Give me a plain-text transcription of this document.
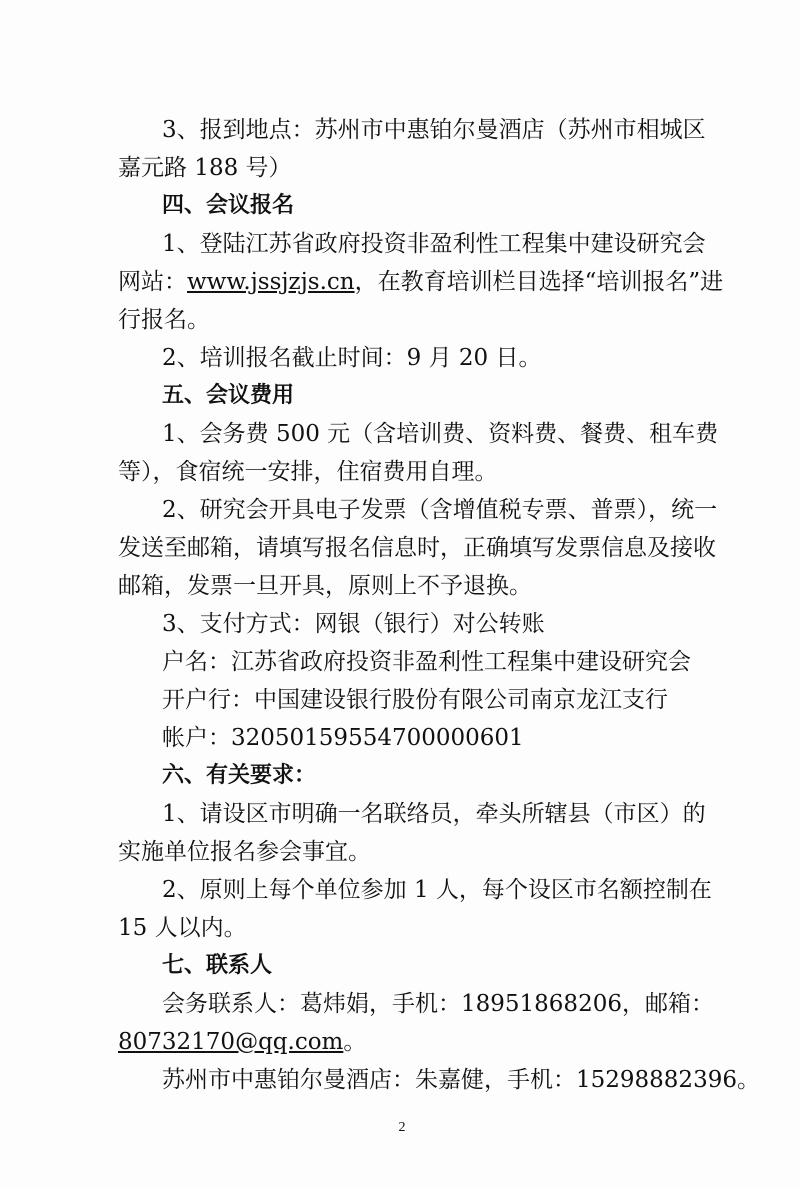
3、报到地点：苏州市中惠铂尔曼酒店（苏州市相城区
嘉元路 188 号）
四、会议报名
1、登陆江苏省政府投资非盈利性工程集中建设研究会
网站：www.jssjzjs.cn，在教育培训栏目选择“培训报名”进
行报名。
2、培训报名截止时间：9 月 20 日。
五、会议费用
1、会务费 500 元（含培训费、资料费、餐费、租车费
等），食宿统一安排，住宿费用自理。
2、研究会开具电子发票（含增值税专票、普票），统一
发送至邮箱，请填写报名信息时，正确填写发票信息及接收
邮箱，发票一旦开具，原则上不予退换。
3、支付方式：网银（银行）对公转账
户名：江苏省政府投资非盈利性工程集中建设研究会
开户行：中国建设银行股份有限公司南京龙江支行
帐户：32050159554700000601
六、有关要求：
1、请设区市明确一名联络员，牵头所辖县（市区）的
实施单位报名参会事宜。
2、原则上每个单位参加 1 人，每个设区市名额控制在
15 人以内。
七、联系人
会务联系人：葛炜娟，手机：18951868206，邮箱：
80732170@qq.com。
苏州市中惠铂尔曼酒店：朱嘉健，手机：15298882396。
2
